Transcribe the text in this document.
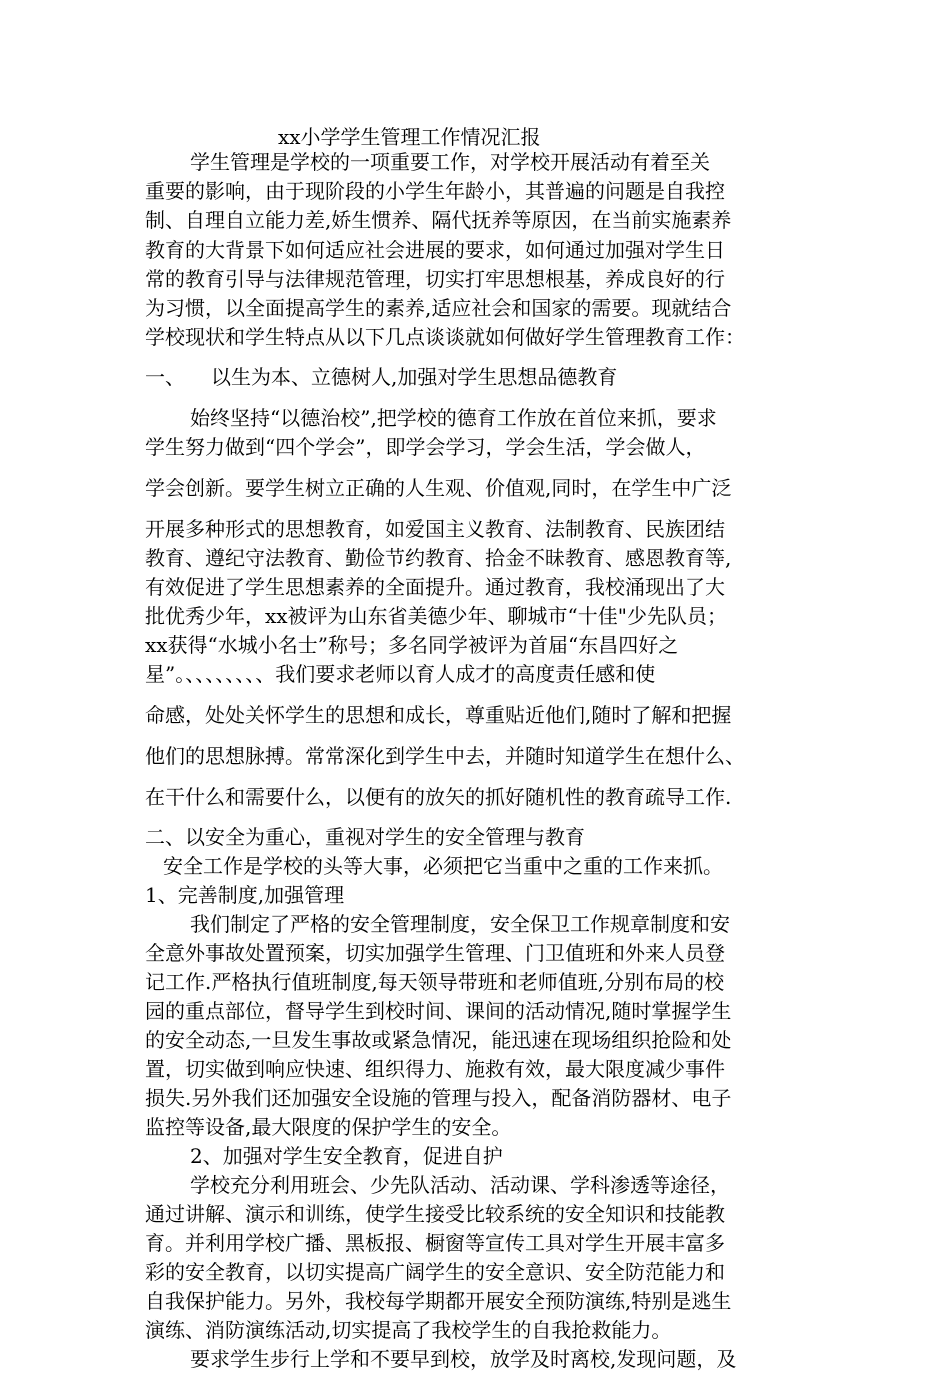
xx小学学生管理工作情况汇报
学生管理是学校的一项重要工作，对学校开展活动有着至关
重要的影响，由于现阶段的小学生年龄小，其普遍的问题是自我控
制、自理自立能力差,娇生惯养、隔代抚养等原因，在当前实施素养
教育的大背景下如何适应社会进展的要求，如何通过加强对学生日
常的教育引导与法律规范管理，切实打牢思想根基，养成良好的行
为习惯，以全面提高学生的素养,适应社会和国家的需要。现就结合
学校现状和学生特点从以下几点谈谈就如何做好学生管理教育工作：
一、 以生为本、立德树人,加强对学生思想品德教育
始终坚持“以德治校”,把学校的德育工作放在首位来抓，要求
学生努力做到“四个学会”，即学会学习，学会生活，学会做人，
学会创新。要学生树立正确的人生观、价值观,同时，在学生中广泛
开展多种形式的思想教育，如爱国主义教育、法制教育、民族团结
教育、遵纪守法教育、勤俭节约教育、拾金不昧教育、感恩教育等,
有效促进了学生思想素养的全面提升。通过教育，我校涌现出了大
批优秀少年，xx被评为山东省美德少年、聊城市“十佳"少先队员；
xx获得“水城小名士”称号；多名同学被评为首届“东昌四好之
星”。、、、、、、、、我们要求老师以育人成才的高度责任感和使
命感，处处关怀学生的思想和成长，尊重贴近他们,随时了解和把握
他们的思想脉搏。常常深化到学生中去，并随时知道学生在想什么、
在干什么和需要什么，以便有的放矢的抓好随机性的教育疏导工作.
二、以安全为重心，重视对学生的安全管理与教育
安全工作是学校的头等大事，必须把它当重中之重的工作来抓。
1、完善制度,加强管理
我们制定了严格的安全管理制度，安全保卫工作规章制度和安
全意外事故处置预案，切实加强学生管理、门卫值班和外来人员登
记工作.严格执行值班制度,每天领导带班和老师值班,分别布局的校
园的重点部位，督导学生到校时间、课间的活动情况,随时掌握学生
的安全动态,一旦发生事故或紧急情况，能迅速在现场组织抢险和处
置，切实做到响应快速、组织得力、施救有效，最大限度减少事件
损失.另外我们还加强安全设施的管理与投入，配备消防器材、电子
监控等设备,最大限度的保护学生的安全。
2、加强对学生安全教育，促进自护
学校充分利用班会、少先队活动、活动课、学科渗透等途径，
通过讲解、演示和训练，使学生接受比较系统的安全知识和技能教
育。并利用学校广播、黑板报、橱窗等宣传工具对学生开展丰富多
彩的安全教育，以切实提高广阔学生的安全意识、安全防范能力和
自我保护能力。另外，我校每学期都开展安全预防演练,特别是逃生
演练、消防演练活动,切实提高了我校学生的自我抢救能力。
要求学生步行上学和不要早到校，放学及时离校,发现问题，及
